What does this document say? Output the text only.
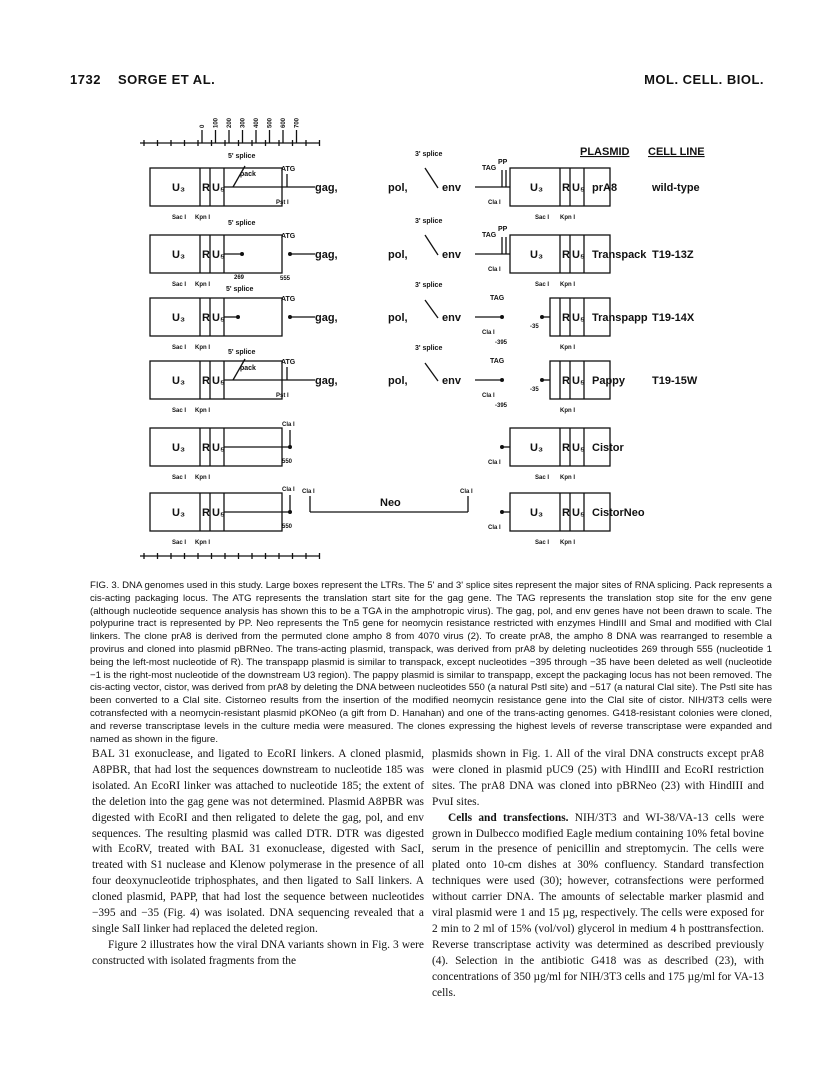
1732 SORGE ET AL.	MOL. CELL. BIOL.
0 100 200 300 400 500 600 700
PLASMID CELL LINE
U₃ R U₅
5' splice
pack
ATG
Pst I
gag,	pol,
3' splice
env
TAG
PP
Cla I
U₃ R U₅
Sac I Kpn I	Sac I Kpn I
prA8	wild-type
U₃ R U₅
5' splice
269
ATG
555
gag,	pol,
3' splice
env
TAG
PP
Cla I
U₃ R U₅
Sac I Kpn I	Sac I Kpn I
Transpack T19-13Z
U₃ R U₅
5' splice
ATG
gag,	pol,
3' splice
env
TAG
Cla I
-395
-35
R U₅
Sac I Kpn I	Kpn I
Transpapp T19-14X
U₃ R U₅
5' splice
pack
ATG
Pst I
gag,	pol,
3' splice
env
TAG
Cla I
-395
-35
R U₅
Sac I Kpn I	Kpn I
Pappy T19-15W
U₃ R U₅
Cla I
550	Cla I
U₃ R U₅
Sac I Kpn I	Sac I Kpn I
Cistor
U₃ R U₅
Cla I
550
Cla I
Neo
Cla I
Cla I
U₃ R U₅
Sac I Kpn I	Sac I Kpn I
CistorNeo

FIG. 3. DNA genomes used in this study. Large boxes represent the LTRs. The 5' and 3' splice sites represent the major sites of RNA splicing. Pack represents a cis-acting packaging locus. The ATG represents the translation start site for the gag gene. The TAG represents the translation stop site for the env gene (although nucleotide sequence analysis has shown this to be a TGA in the amphotropic virus). The gag, pol, and env genes have not been drawn to scale. The polypurine tract is represented by PP. Neo represents the Tn5 gene for neomycin resistance restricted with enzymes HindIII and SmaI and modified with ClaI linkers. The clone prA8 is derived from the permuted clone ampho 8 from 4070 virus (2). To create prA8, the ampho 8 DNA was rearranged to resemble a provirus and cloned into plasmid pBRNeo. The trans-acting plasmid, transpack, was derived from prA8 by deleting nucleotides 269 through 555 (nucleotide 1 being the left-most nucleotide of R). The transpapp plasmid is similar to transpack, except nucleotides −395 through −35 have been deleted as well (nucleotide −1 is the right-most nucleotide of the downstream U3 region). The pappy plasmid is similar to transpapp, except the packaging locus has not been removed. The cis-acting vector, cistor, was derived from prA8 by deleting the DNA between nucleotides 550 (a natural PstI site) and −517 (a natural ClaI site). The PstI site has been converted to a ClaI site. Cistorneo results from the insertion of the modified neomycin resistance gene into the ClaI site of cistor. NIH/3T3 cells were cotransfected with a neomycin-resistant plasmid pKONeo (a gift from D. Hanahan) and one of the trans-acting genomes. G418-resistant colonies were cloned, and reverse transcriptase levels in the culture media were measured. The clones expressing the highest levels of reverse transcriptase were expanded and named as shown in the figure.

BAL 31 exonuclease, and ligated to EcoRI linkers. A cloned plasmid, A8PBR, that had lost the sequences downstream to nucleotide 185 was isolated. An EcoRI linker was attached to nucleotide 185; the extent of the deletion into the gag gene was not determined. Plasmid A8PBR was digested with EcoRI and then religated to delete the gag, pol, and env sequences. The resulting plasmid was called DTR. DTR was digested with EcoRV, treated with BAL 31 exonuclease, digested with SacI, treated with S1 nuclease and Klenow polymerase in the presence of all four deoxynucleotide triphosphates, and then ligated to SalI linkers. A cloned plasmid, PAPP, that had lost the sequence between nucleotides −395 and −35 (Fig. 4) was isolated. DNA sequencing revealed that a single SalI linker had replaced the deleted region.

Figure 2 illustrates how the viral DNA variants shown in Fig. 3 were constructed with isolated fragments from the

plasmids shown in Fig. 1. All of the viral DNA constructs except prA8 were cloned in plasmid pUC9 (25) with HindIII and EcoRI restriction sites. The prA8 DNA was cloned into pBRNeo (23) with HindIII and PvuI sites.

Cells and transfections. NIH/3T3 and WI-38/VA-13 cells were grown in Dulbecco modified Eagle medium containing 10% fetal bovine serum in the presence of penicillin and streptomycin. The cells were plated onto 10-cm dishes at 30% confluency. Standard transfection techniques were used (30); however, cotransfections were performed without carrier DNA. The amounts of selectable marker plasmid and viral plasmid were 1 and 15 µg, respectively. The cells were exposed for 2 min to 2 ml of 15% (vol/vol) glycerol in medium 4 h posttransfection. Reverse transcriptase activity was determined as described previously (4). Selection in the antibiotic G418 was as described (23), with concentrations of 350 µg/ml for NIH/3T3 cells and 175 µg/ml for VA-13 cells.
